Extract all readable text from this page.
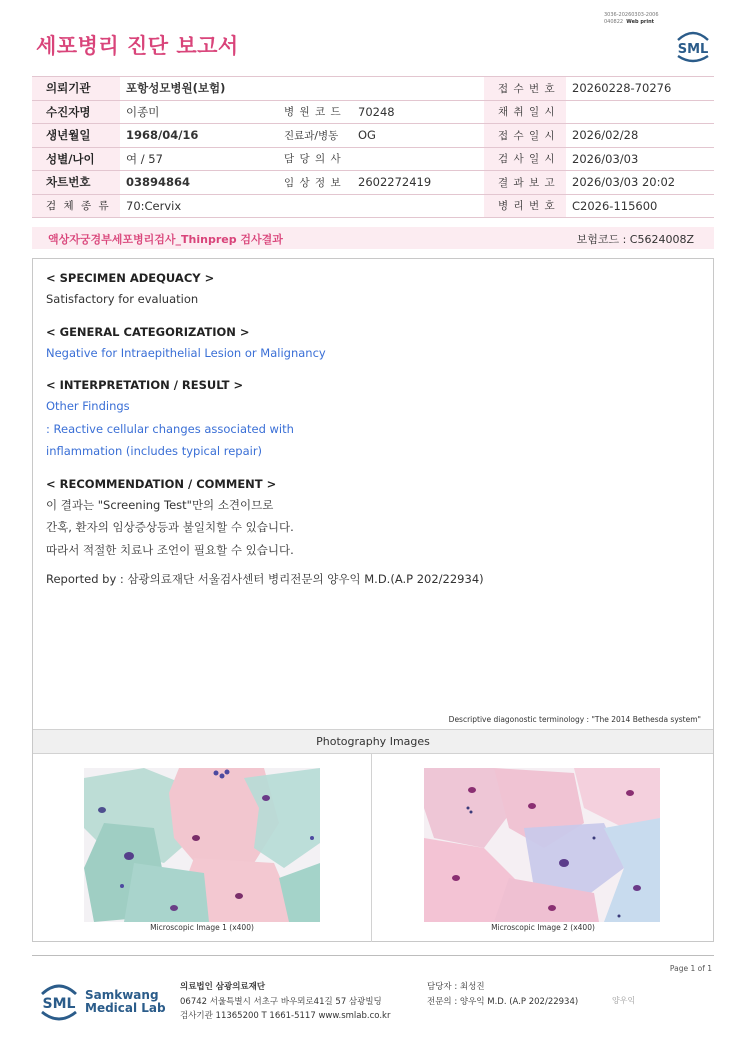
3036-20260303-2006
040822 Web print
세포병리 진단 보고서	SML
의뢰기관	포항성모병원(보험)			접 수 번 호	20260228-70276
수진자명	이종미	병 원 코 드	70248	채 취 일 시	
생년월일	1968/04/16	진료과/병동	OG	접 수 일 시	2026/02/28
성별/나이	여 / 57	담 당 의 사		검 사 일 시	2026/03/03
차트번호	03894864	임 상 정 보	2602272419	결 과 보 고	2026/03/03 20:02
검 체 종 류	70:Cervix			병 리 번 호	C2026-115600
액상자궁경부세포병리검사_Thinprep 검사결과	보험코드 : C5624008Z
< SPECIMEN ADEQUACY >
Satisfactory for evaluation
< GENERAL CATEGORIZATION >
Negative for Intraepithelial Lesion or Malignancy
< INTERPRETATION / RESULT >
Other Findings
: Reactive cellular changes associated with
inflammation (includes typical repair)
< RECOMMENDATION / COMMENT >
이 결과는 "Screening Test"만의 소견이므로
간혹, 환자의 임상증상등과 불일치할 수 있습니다.
따라서 적절한 치료나 조언이 필요할 수 있습니다.
Reported by : 삼광의료재단 서울검사센터 병리전문의 양우익 M.D.(A.P 202/22934)
Descriptive diagonostic terminology : "The 2014 Bethesda system"
Photography Images
Microscopic Image 1 (x400)	Microscopic Image 2 (x400)
Page 1 of 1
SML
Samkwang
Medical Lab
의료법인 삼광의료재단
06742 서울특별시 서초구 바우뫼로41길 57 삼광빌딩
검사기관 11365200 T 1661-5117 www.smlab.co.kr
담당자 : 최성진
전문의 : 양우익 M.D. (A.P 202/22934)	양우익
